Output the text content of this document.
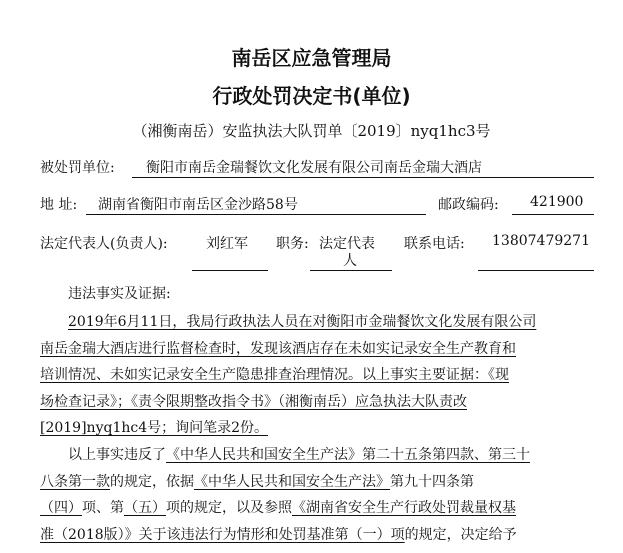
南岳区应急管理局
行政处罚决定书(单位)
（湘衡南岳）安监执法大队罚单〔2019〕nyq1hc3号
被处罚单位: 衡阳市南岳金瑞餐饮文化发展有限公司南岳金瑞大酒店
地 址: 湖南省衡阳市南岳区金沙路58号	邮政编码: 421900
法定代表人(负责人):	刘红军 职务: 法定代表
人
联系电话: 13807479271
违法事实及证据:
2019年6月11日，我局行政执法人员在对衡阳市金瑞餐饮文化发展有限公司
南岳金瑞大酒店进行监督检查时，发现该酒店存在未如实记录安全生产教育和
培训情况、未如实记录安全生产隐患排查治理情况。以上事实主要证据：《现
场检查记录》；《责令限期整改指令书》（湘衡南岳）应急执法大队责改
[2019]nyq1hc4号；询问笔录2份。
以上事实违反了《中华人民共和国安全生产法》第二十五条第四款、第三十
八条第一款的规定，依据《中华人民共和国安全生产法》第九十四条第
（四）项、第（五）项的规定，以及参照《湖南省安全生产行政处罚裁量权基
准（2018版）》关于该违法行为情形和处罚基准第（一）项的规定，决定给予
